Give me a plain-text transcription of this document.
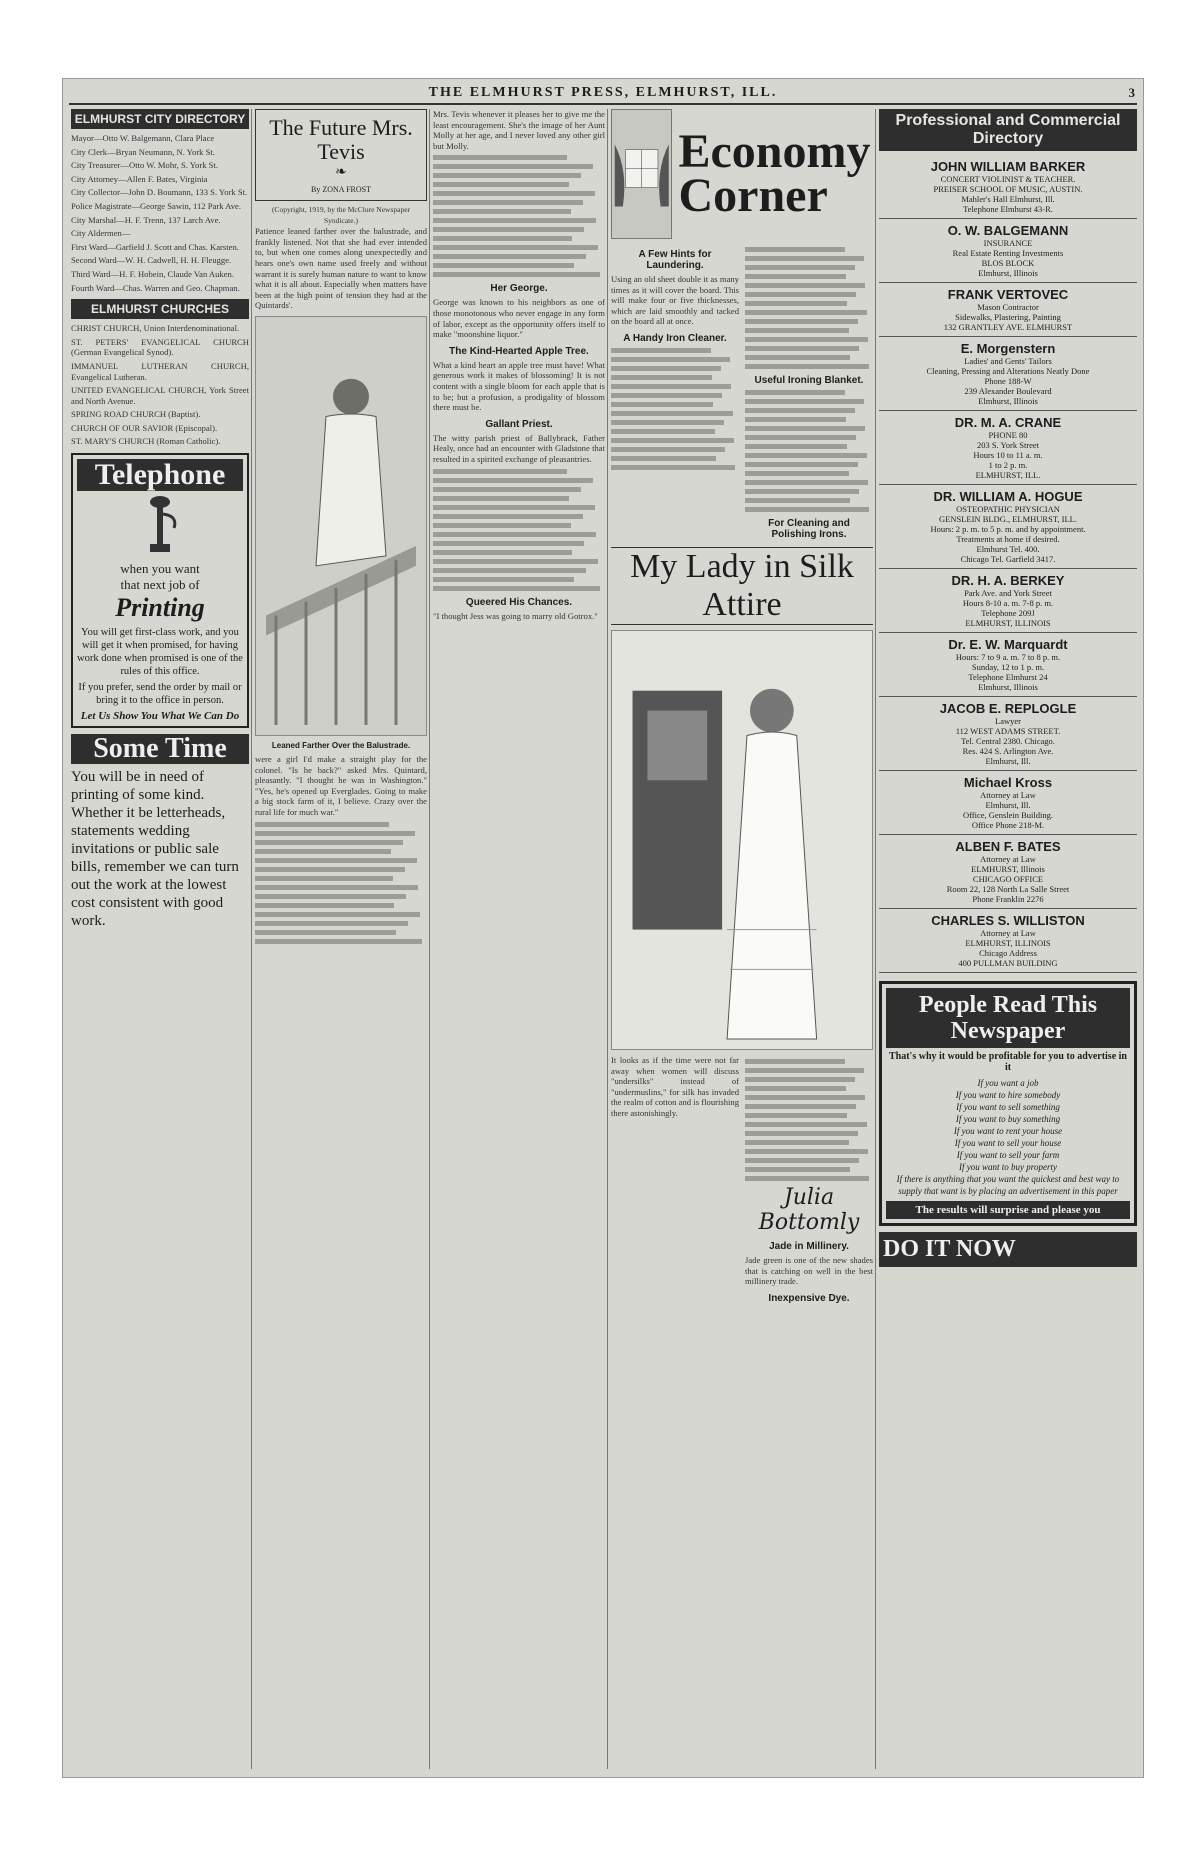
THE ELMHURST PRESS, ELMHURST, ILL.	3
ELMHURST CITY DIRECTORY

Mayor—Otto W. Balgemann, Clara Place

City Clerk—Bryan Neumann, N. York St.

City Treasurer—Otto W. Mohr, S. York St.

City Attorney—Allen F. Bates, Virginia

City Collector—John D. Boumann, 133 S. York St.

Police Magistrate—George Sawin, 112 Park Ave.

City Marshal—H. F. Trenn, 137 Larch Ave.

City Aldermen—

First Ward—Garfield J. Scott and Chas. Karsten.

Second Ward—W. H. Cadwell, H. H. Fleugge.

Third Ward—H. F. Hobein, Claude Van Auken.

Fourth Ward—Chas. Warren and Geo. Chapman.

ELMHURST CHURCHES

CHRIST CHURCH, Union Interdenominational.

ST. PETERS' EVANGELICAL CHURCH (German Evangelical Synod).

IMMANUEL LUTHERAN CHURCH, Evangelical Lutheran.

UNITED EVANGELICAL CHURCH, York Street and North Avenue.

SPRING ROAD CHURCH (Baptist).

CHURCH OF OUR SAVIOR (Episcopal).

ST. MARY'S CHURCH (Roman Catholic).

Telephone
when you want
that next job of
Printing
You will get first-class work, and you will get it when promised, for having work done when promised is one of the rules of this office.
If you prefer, send the order by mail or bring it to the office in person.
Let Us Show You What We Can Do
Some Time
You will be in need of printing of some kind. Whether it be letterheads, statements wedding invitations or public sale bills, remember we can turn out the work at the lowest cost consistent with good work.
The Future Mrs. Tevis
❧
By ZONA FROST
(Copyright, 1919, by the McClure Newspaper Syndicate.)
Patience leaned farther over the balustrade, and frankly listened. Not that she had ever intended to, but when one comes along unexpectedly and hears one's own name used freely and without warrant it is surely human nature to want to know what it is all about. Especially when matters have been at the high point of tension they had at the Quintards'.
Leaned Farther Over the Balustrade.
were a girl I'd make a straight play for the colonel. "Is he back?" asked Mrs. Quintard, pleasantly. "I thought he was in Washington." "Yes, he's opened up Everglades. Going to make a big stock farm of it, I believe. Crazy over the rural life for much war."
Mrs. Tevis whenever it pleases her to give me the least encouragement. She's the image of her Aunt Molly at her age, and I never loved any other girl but Molly.
Her George.
George was known to his neighbors as one of those monotonous who never engage in any form of labor, except as the opportunity offers itself to make "moonshine liquor."
The Kind-Hearted Apple Tree.
What a kind heart an apple tree must have! What generous work it makes of blossoming! It is not content with a single bloom for each apple that is to be; but a profusion, a prodigality of blossom there must be.
Gallant Priest.
The witty parish priest of Ballybrack, Father Healy, once had an encounter with Gladstone that resulted in a spirited exchange of pleasantries.
Queered His Chances.
"I thought Jess was going to marry old Gotrox."
Economy Corner
A Few Hints for Laundering.
Using an old sheet double it as many times as it will cover the board. This will make four or five thicknesses, which are laid smoothly and tacked on the board all at once.
A Handy Iron Cleaner.
Useful Ironing Blanket.
For Cleaning and Polishing Irons.
My Lady in Silk Attire
It looks as if the time were not far away when women will discuss "undersilks" instead of "undermuslins," for silk has invaded the realm of cotton and is flourishing there astonishingly.
Julia Bottomly
Jade in Millinery.
Jade green is one of the new shades that is catching on well in the best millinery trade.
Inexpensive Dye.
Professional and Commercial Directory
JOHN WILLIAM BARKER
CONCERT VIOLINIST & TEACHER.
PREISER SCHOOL OF MUSIC, AUSTIN.
Mahler's Hall Elmhurst, Ill.
Telephone Elmhurst 43-R.
O. W. BALGEMANN
INSURANCE
Real Estate Renting Investments
BLOS BLOCK
Elmhurst, Illinois
FRANK VERTOVEC
Mason Contractor
Sidewalks, Plastering, Painting
132 GRANTLEY AVE. ELMHURST
E. Morgenstern
Ladies' and Gents' Tailors
Cleaning, Pressing and Alterations Neatly Done
Phone 188-W
239 Alexander Boulevard
Elmhurst, Illinois
DR. M. A. CRANE
PHONE 80
203 S. York Street
Hours 10 to 11 a. m.
1 to 2 p. m.
ELMHURST, ILL.
DR. WILLIAM A. HOGUE
OSTEOPATHIC PHYSICIAN
GENSLEIN BLDG., ELMHURST, ILL.
Hours: 2 p. m. to 5 p. m. and by appointment.
Treatments at home if desired.
Elmhurst Tel. 400.
Chicago Tel. Garfield 3417.
DR. H. A. BERKEY
Park Ave. and York Street
Hours 8-10 a. m. 7-8 p. m.
Telephone 209J
ELMHURST, ILLINOIS
Dr. E. W. Marquardt
Hours: 7 to 9 a. m. 7 to 8 p. m.
Sunday, 12 to 1 p. m.
Telephone Elmhurst 24
Elmhurst, Illinois
JACOB E. REPLOGLE
Lawyer
112 WEST ADAMS STREET.
Tel. Central 2380. Chicago.
Res. 424 S. Arlington Ave.
Elmhurst, Ill.
Michael Kross
Attorney at Law
Elmhurst, Ill.
Office, Genslein Building.
Office Phone 218-M.
ALBEN F. BATES
Attorney at Law
ELMHURST, Illinois
CHICAGO OFFICE
Room 22, 128 North La Salle Street
Phone Franklin 2276
CHARLES S. WILLISTON
Attorney at Law
ELMHURST, ILLINOIS
Chicago Address
400 PULLMAN BUILDING
People Read This Newspaper
That's why it would be profitable for you to advertise in it
If you want a job
If you want to hire somebody
If you want to sell something
If you want to buy something
If you want to rent your house
If you want to sell your house
If you want to sell your farm
If you want to buy property
If there is anything that you want the quickest and best way to supply that want is by placing an advertisement in this paper
The results will surprise and please you
DO IT NOW
